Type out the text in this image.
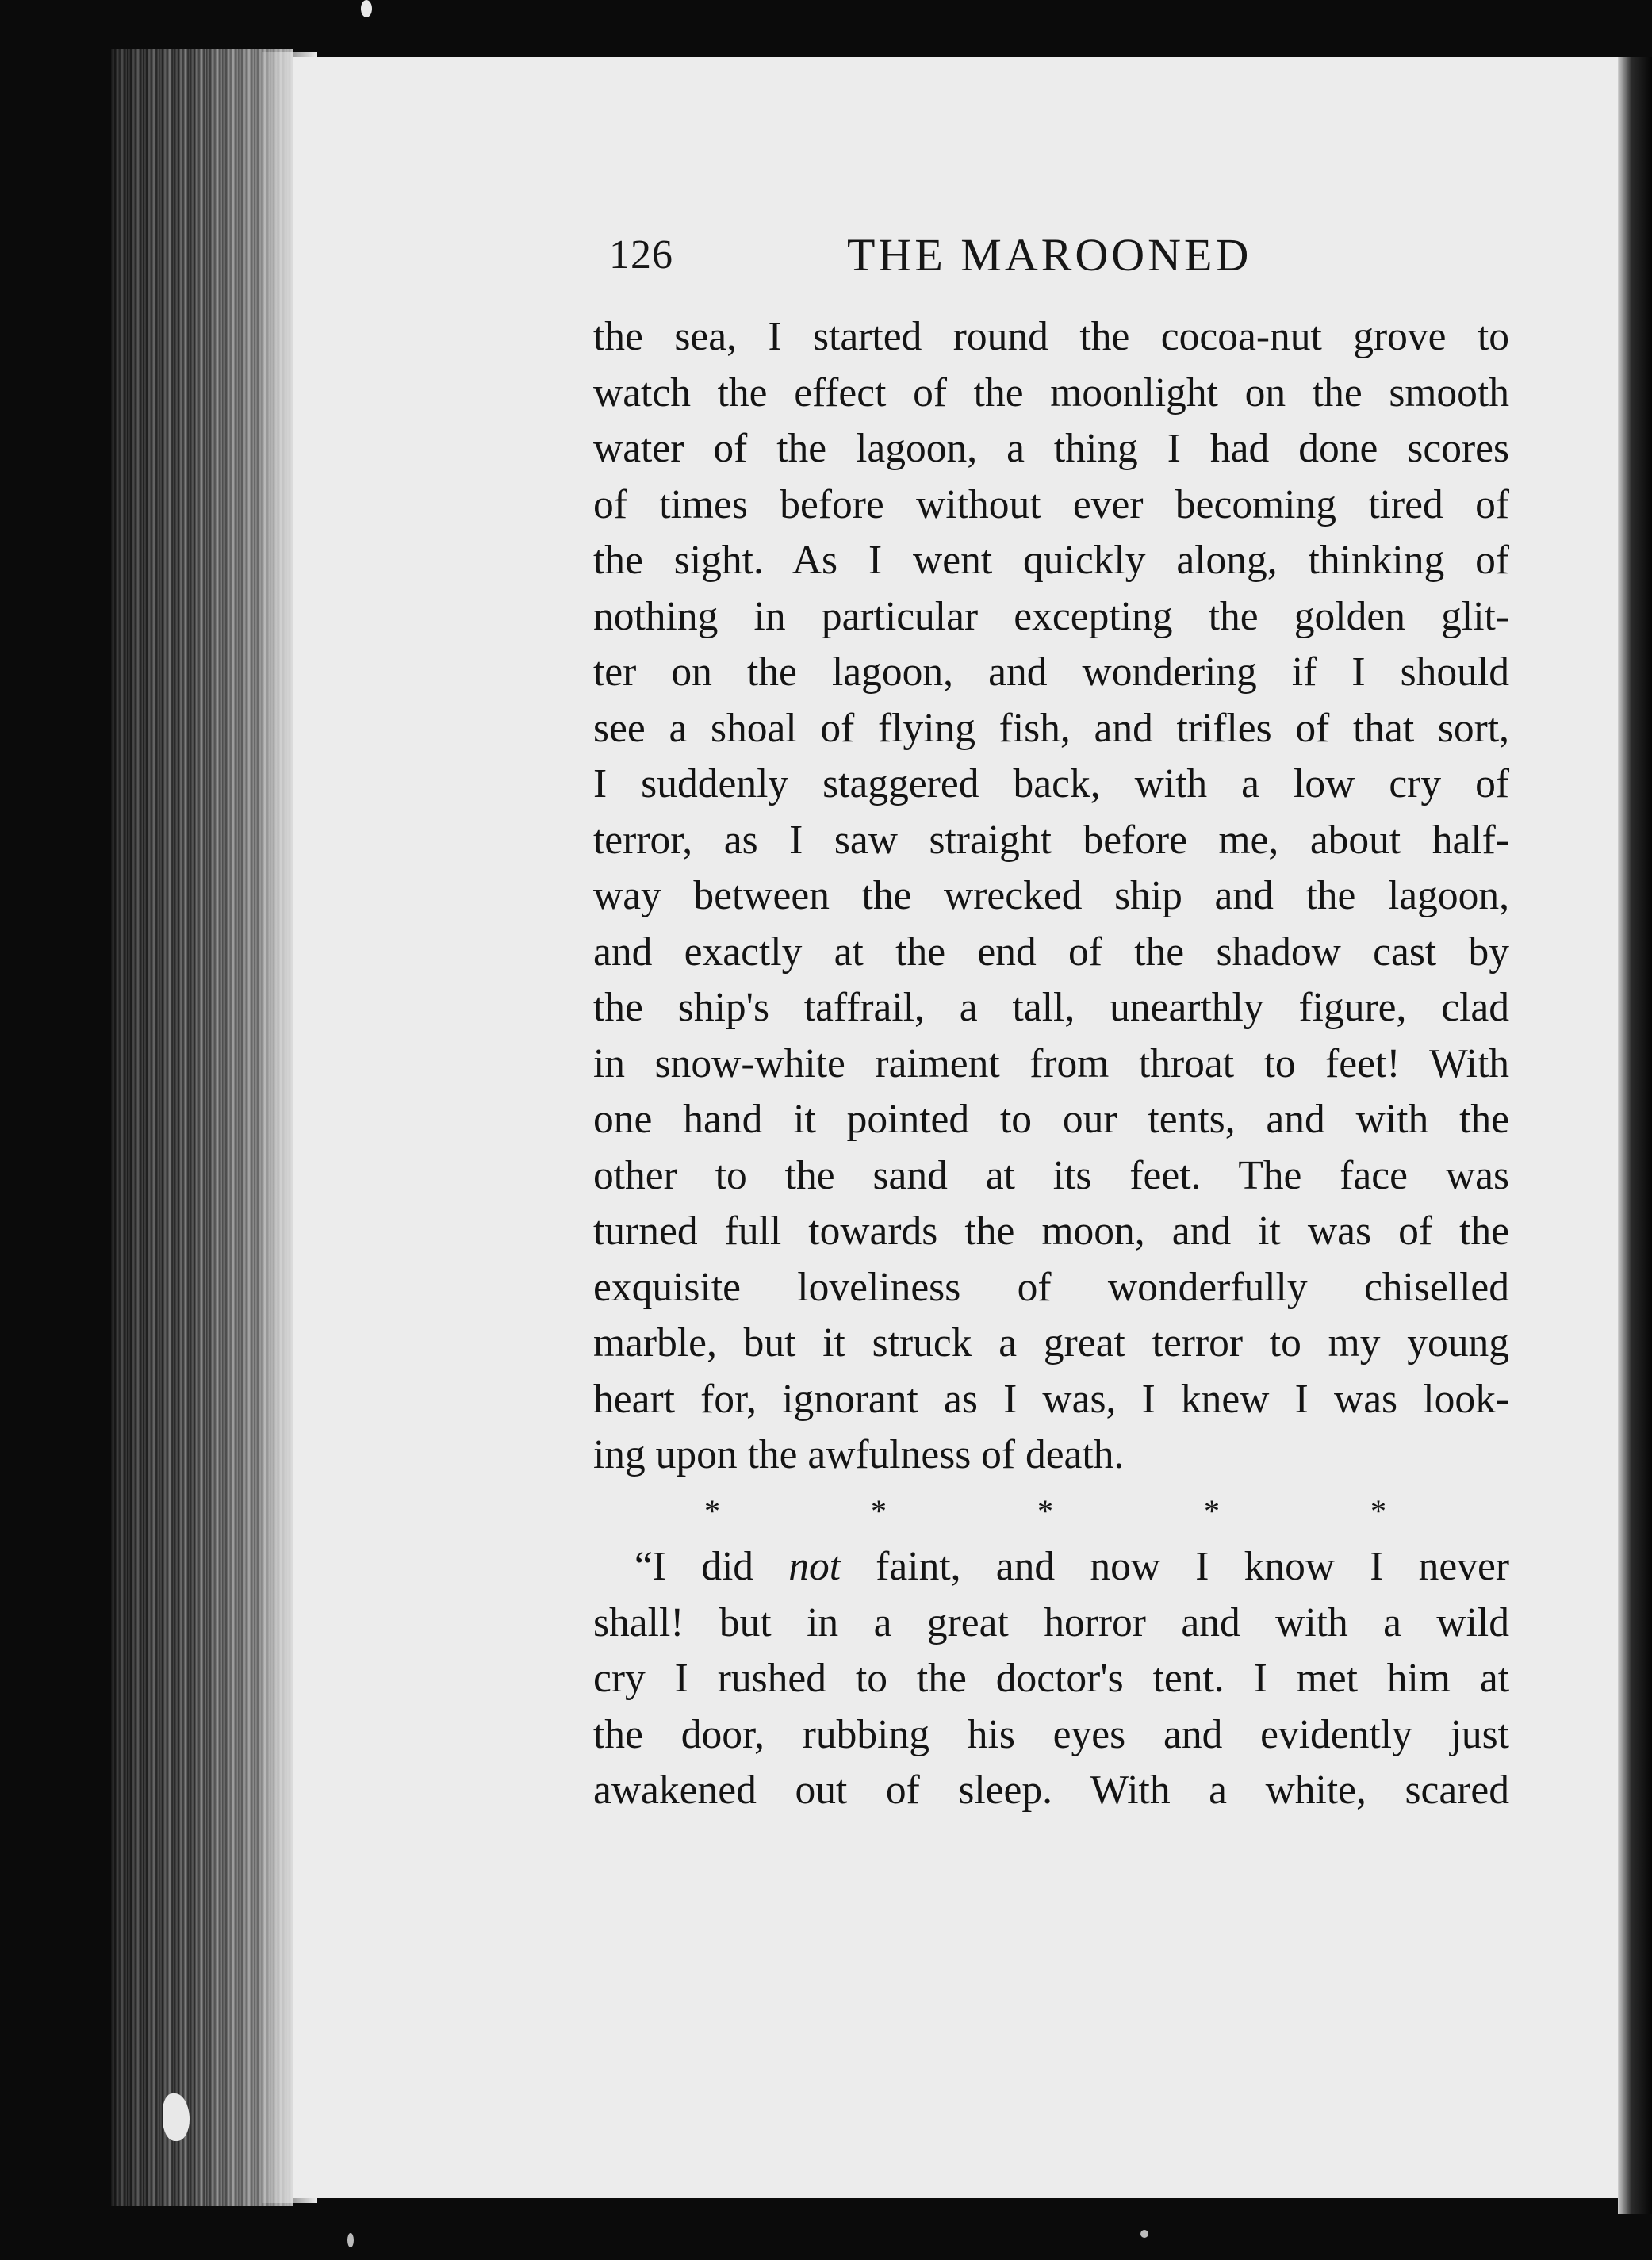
126	THE MAROONED
the sea, I started round the cocoa-nut grove to
watch the effect of the moonlight on the smooth
water of the lagoon, a thing I had done scores
of times before without ever becoming tired of
the sight. As I went quickly along, thinking of
nothing in particular excepting the golden glit-
ter on the lagoon, and wondering if I should
see a shoal of flying fish, and trifles of that sort,
I suddenly staggered back, with a low cry of
terror, as I saw straight before me, about half-
way between the wrecked ship and the lagoon,
and exactly at the end of the shadow cast by
the ship's taffrail, a tall, unearthly figure, clad
in snow-white raiment from throat to feet! With
one hand it pointed to our tents, and with the
other to the sand at its feet. The face was
turned full towards the moon, and it was of the
exquisite loveliness of wonderfully chiselled
marble, but it struck a great terror to my young
heart for, ignorant as I was, I knew I was look-
ing upon the awfulness of death.
*	*	*	*	*
“I did not faint, and now I know I never
shall! but in a great horror and with a wild
cry I rushed to the doctor's tent. I met him at
the door, rubbing his eyes and evidently just
awakened out of sleep. With a white, scared
